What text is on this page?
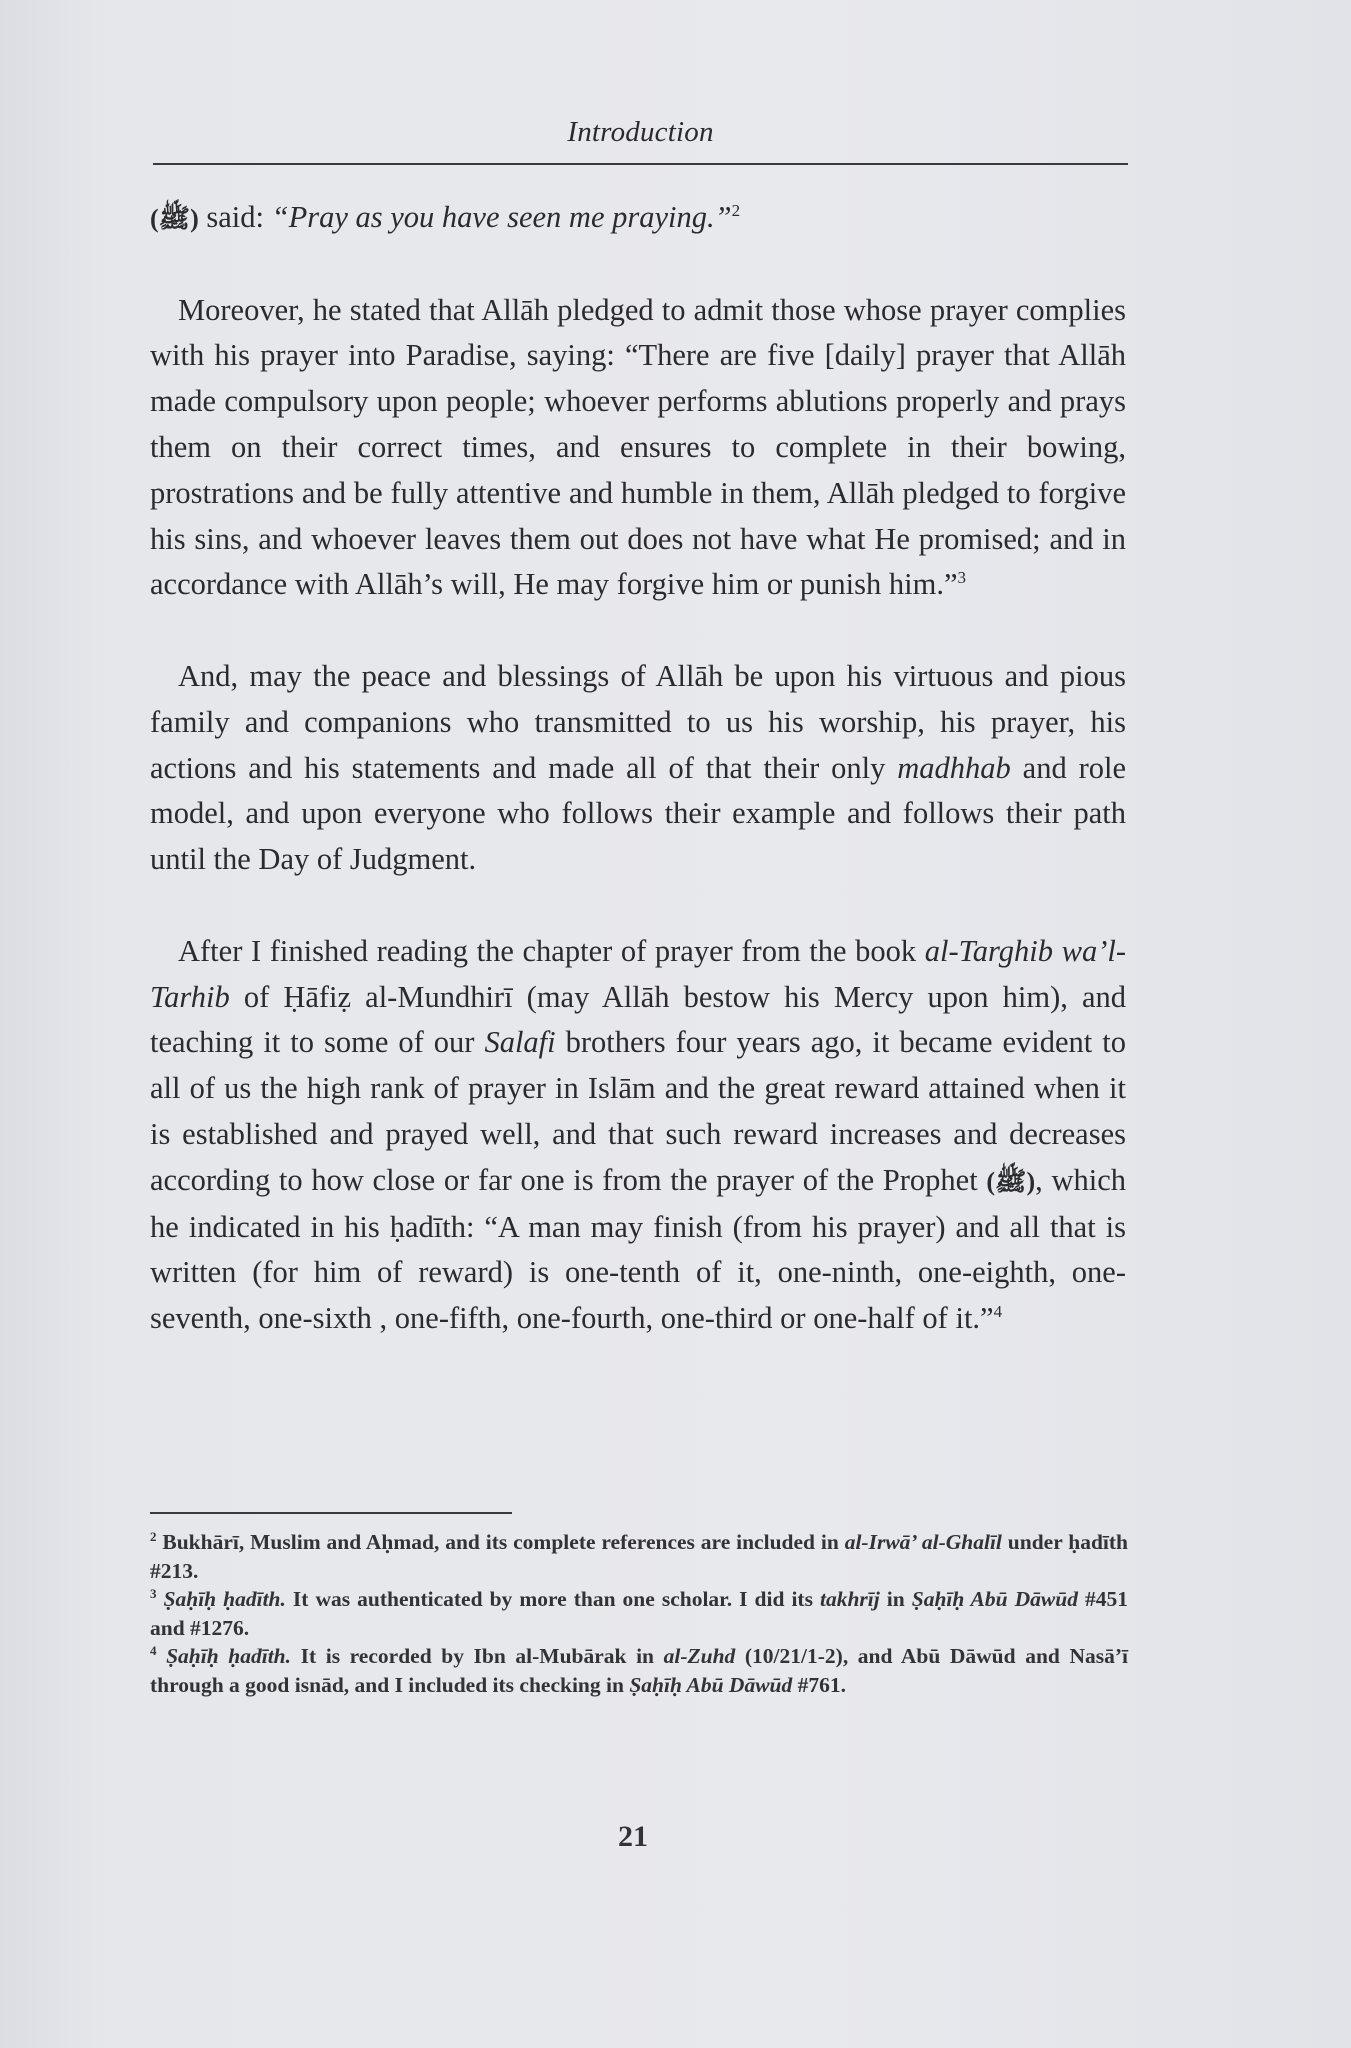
Introduction

(ﷺ) said: “Pray as you have seen me praying.”$^2$

Moreover, he stated that Allāh pledged to admit those whose prayer complies with his prayer into Paradise, saying: “There are five [daily] prayer that Allāh made compulsory upon people; whoever performs ablutions properly and prays them on their correct times, and ensures to complete in their bowing, prostrations and be fully attentive and humble in them, Allāh pledged to forgive his sins, and whoever leaves them out does not have what He promised; and in accordance with Allāh’s will, He may forgive him or punish him.”$^3$

And, may the peace and blessings of Allāh be upon his virtuous and pious family and companions who transmitted to us his worship, his prayer, his actions and his statements and made all of that their only madhhab and role model, and upon everyone who follows their example and follows their path until the Day of Judgment.

After I finished reading the chapter of prayer from the book al-Targhib wa’l-Tarhib of Ḥāfiẓ al-Mundhirī (may Allāh bestow his Mercy upon him), and teaching it to some of our Salafi brothers four years ago, it became evident to all of us the high rank of prayer in Islām and the great reward attained when it is established and prayed well, and that such reward increases and decreases according to how close or far one is from the prayer of the Prophet (ﷺ), which he indicated in his ḥadīth: “A man may finish (from his prayer) and all that is written (for him of reward) is one-tenth of it, one-ninth, one-eighth, one-seventh, one-sixth , one-fifth, one-fourth, one-third or one-half of it.”$^4$

$^2$ Bukhārī, Muslim and Aḥmad, and its complete references are included in al-Irwā’ al-Ghalīl under ḥadīth #213.

$^3$ Ṣaḥīḥ ḥadīth. It was authenticated by more than one scholar. I did its takhrīj in Ṣaḥīḥ Abū Dāwūd #451 and #1276.

$^4$ Ṣaḥīḥ ḥadīth. It is recorded by Ibn al-Mubārak in al-Zuhd (10/21/1-2), and Abū Dāwūd and Nasā’ī through a good isnād, and I included its checking in Ṣaḥīḥ Abū Dāwūd #761.

21
